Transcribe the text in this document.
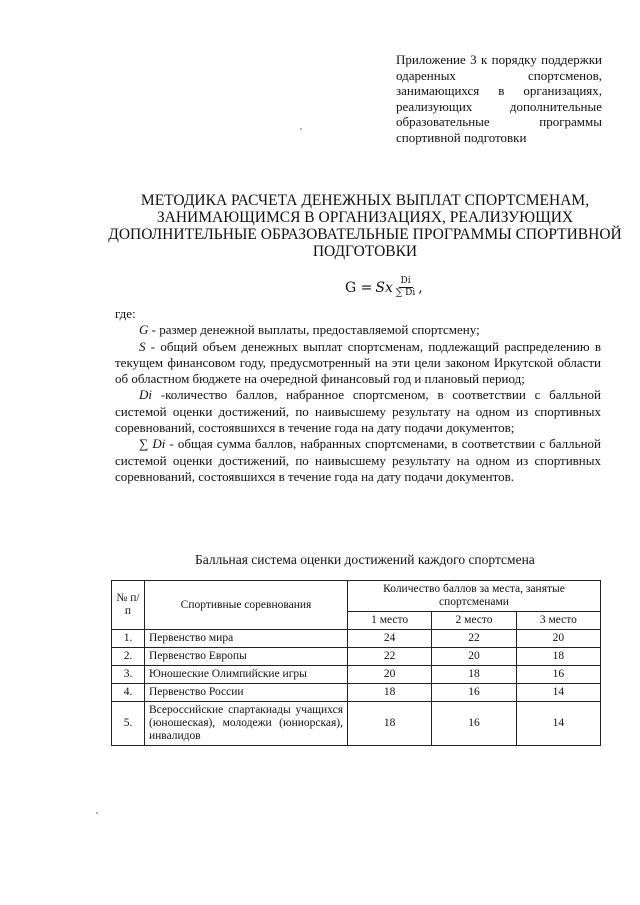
Приложение 3 к порядку поддержки одаренных спортсменов, занимающихся в организациях, реализующих дополнительные образовательные программы спортивной подготовки
МЕТОДИКА РАСЧЕТА ДЕНЕЖНЫХ ВЫПЛАТ СПОРТСМЕНАМ, ЗАНИМАЮЩИМСЯ В ОРГАНИЗАЦИЯХ, РЕАЛИЗУЮЩИХ ДОПОЛНИТЕЛЬНЫЕ ОБРАЗОВАТЕЛЬНЫЕ ПРОГРАММЫ СПОРТИВНОЙ ПОДГОТОВКИ
G = Sx $\frac{Di}{\sum Di}$ ,

где:

G - размер денежной выплаты, предоставляемой спортсмену;

S - общий объем денежных выплат спортсменам, подлежащий распределению в текущем финансовом году, предусмотренный на эти цели законом Иркутской области об областном бюджете на очередной финансовый год и плановый период;

Di -количество баллов, набранное спортсменом, в соответствии с балльной системой оценки достижений, по наивысшему результату на одном из спортивных соревнований, состоявшихся в течение года на дату подачи документов;

∑ Di - общая сумма баллов, набранных спортсменами, в соответствии с балльной системой оценки достижений, по наивысшему результату на одном из спортивных соревнований, состоявшихся в течение года на дату подачи документов.

Балльная система оценки достижений каждого спортсмена
№ п/п	Спортивные соревнования	Количество баллов за места, занятые спортсменами		
		1 место	2 место	3 место
1.	Первенство мира	24	22	20
2.	Первенство Европы	22	20	18
3.	Юношеские Олимпийские игры	20	18	16
4.	Первенство России	18	16	14
5.	Всероссийские спартакиады учащихся (юношеская), молодежи (юниорская), инвалидов	18	16	14
